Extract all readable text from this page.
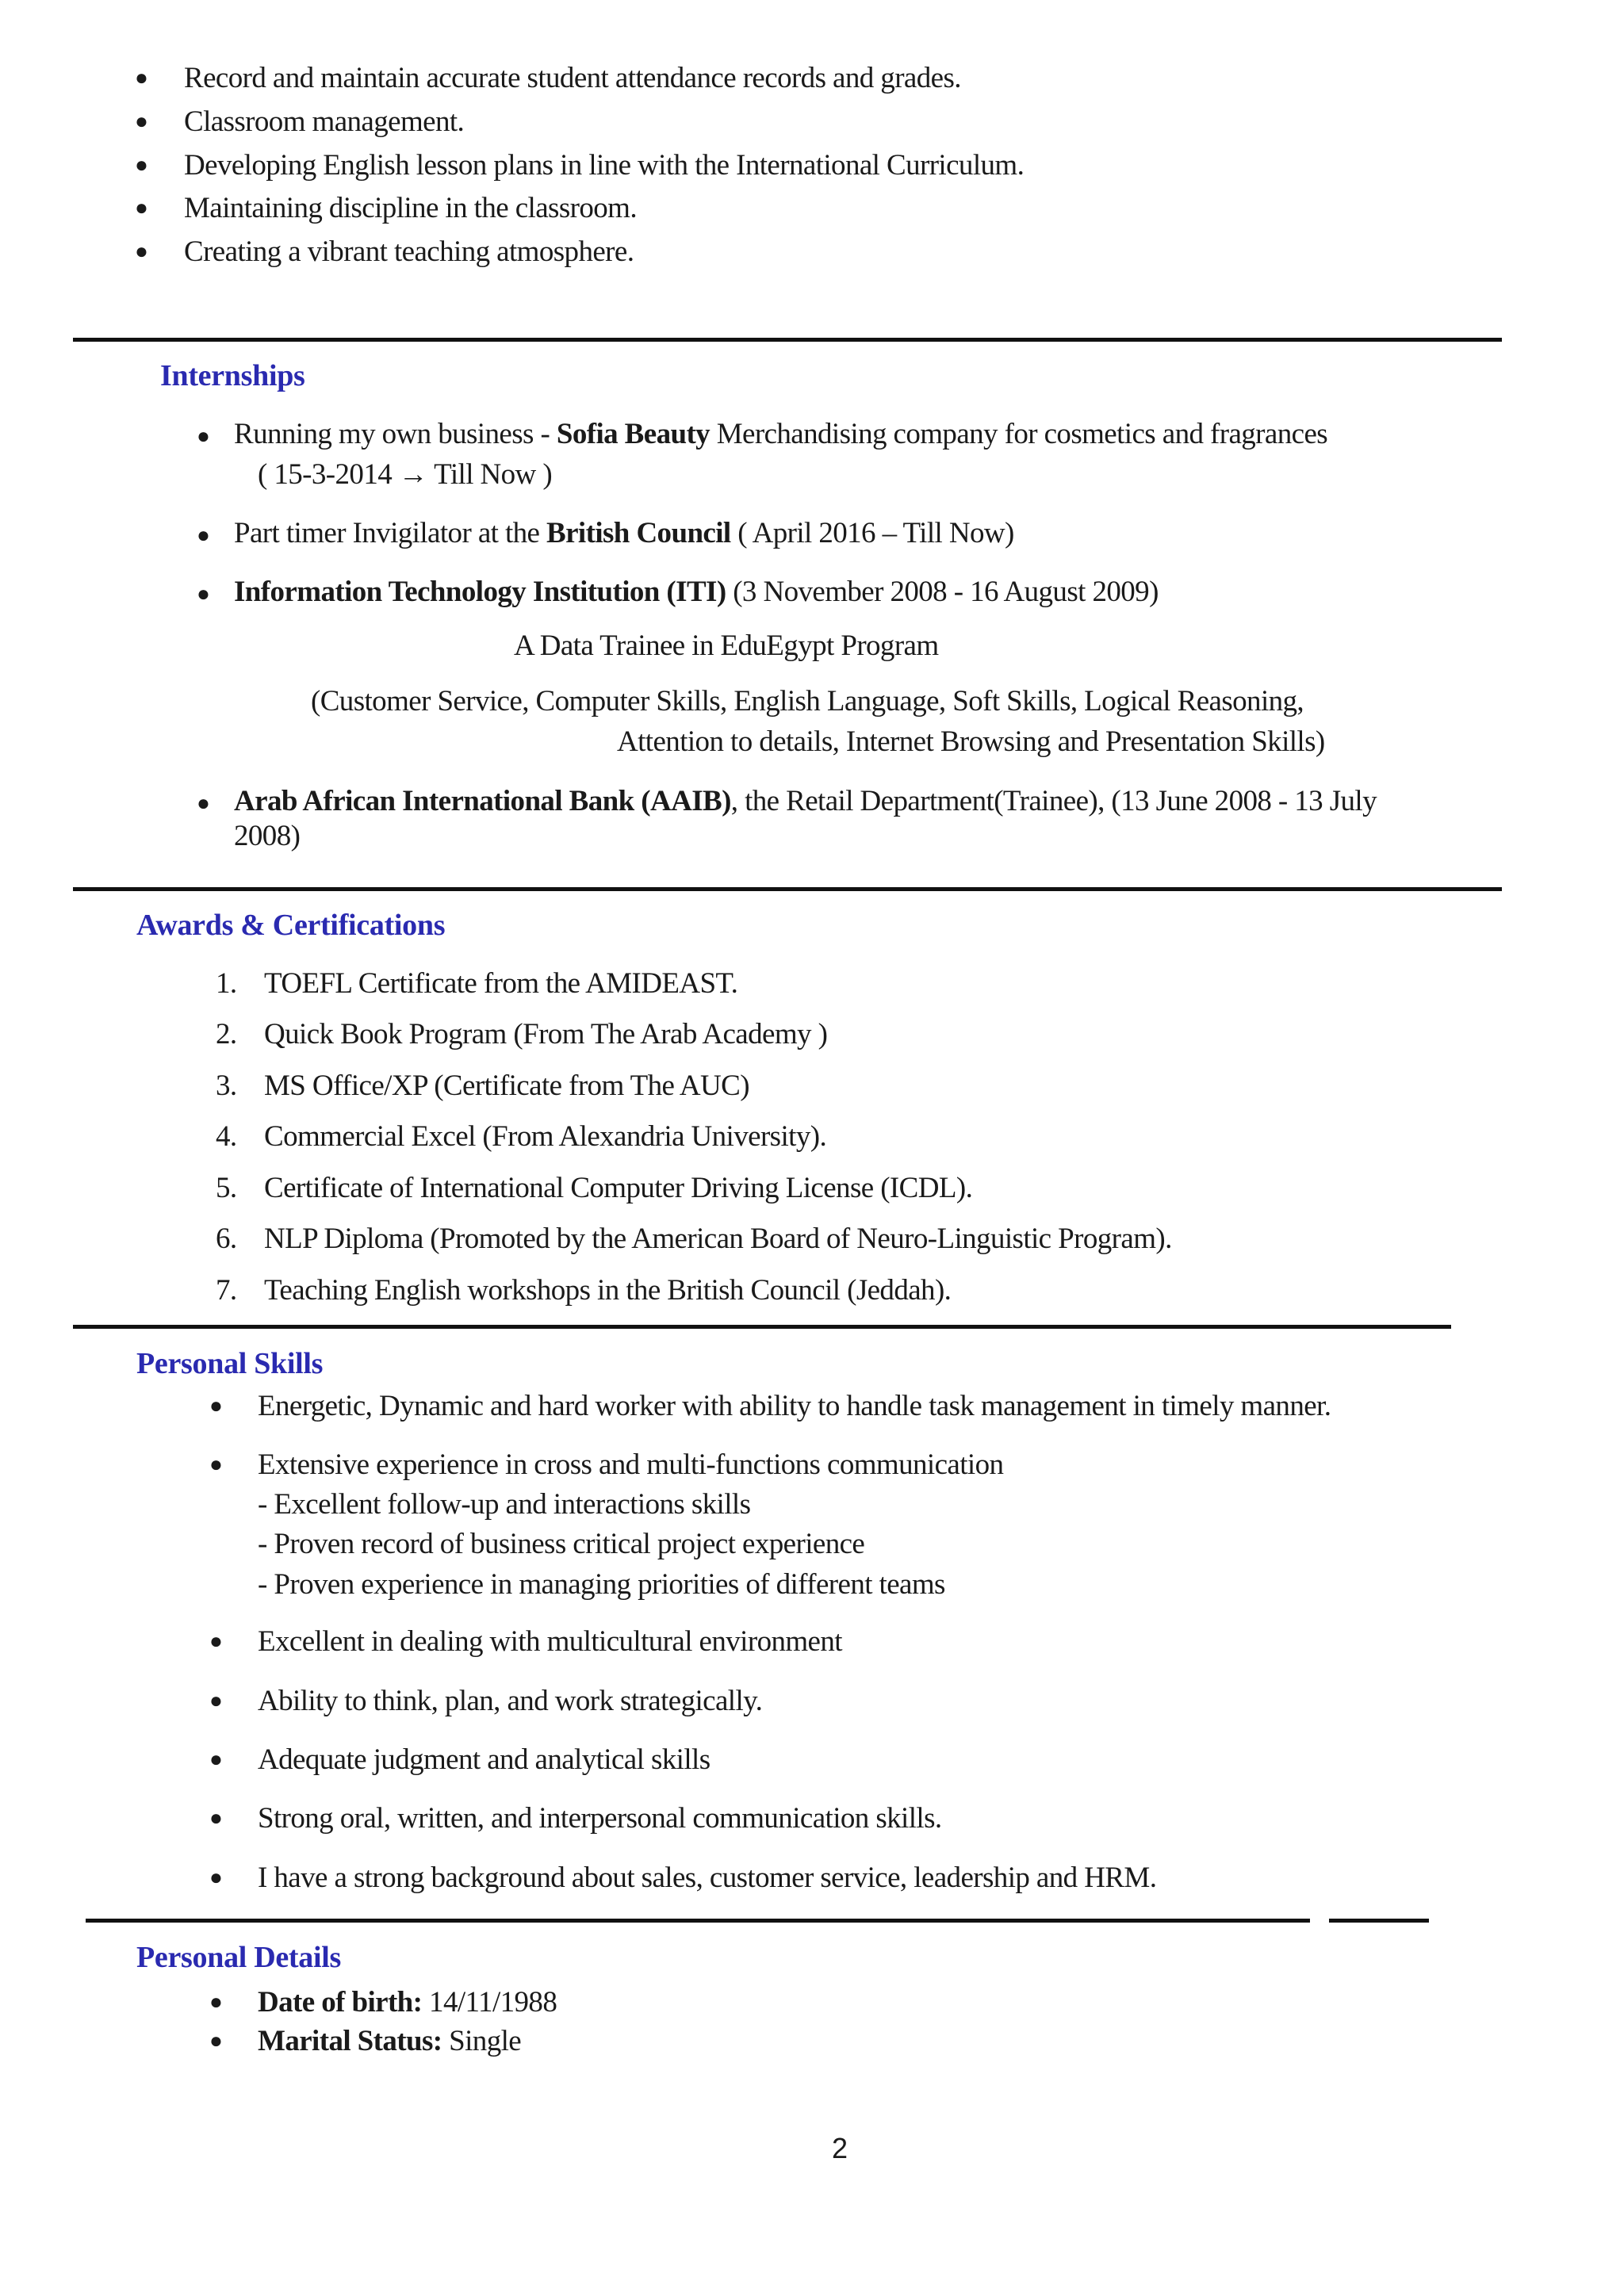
● Record and maintain accurate student attendance records and grades.
● Classroom management.
● Developing English lesson plans in line with the International Curriculum.
● Maintaining discipline in the classroom.
● Creating a vibrant teaching atmosphere.
Internships
● Running my own business - Sofia Beauty Merchandising company for cosmetics and fragrances
( 15-3-2014 → Till Now )
● Part timer Invigilator at the British Council ( April 2016 – Till Now)
● Information Technology Institution (ITI) (3 November 2008 - 16 August 2009)
A Data Trainee in EduEgypt Program
(Customer Service, Computer Skills, English Language, Soft Skills, Logical Reasoning,
Attention to details, Internet Browsing and Presentation Skills)
● Arab African International Bank (AAIB), the Retail Department(Trainee), (13 June 2008 - 13 July
2008)
Awards & Certifications
1. TOEFL Certificate from the AMIDEAST.
2. Quick Book Program (From The Arab Academy )
3. MS Office/XP (Certificate from The AUC)
4. Commercial Excel (From Alexandria University).
5. Certificate of International Computer Driving License (ICDL).
6. NLP Diploma (Promoted by the American Board of Neuro-Linguistic Program).
7. Teaching English workshops in the British Council (Jeddah).
Personal Skills
● Energetic, Dynamic and hard worker with ability to handle task management in timely manner.
● Extensive experience in cross and multi-functions communication
- Excellent follow-up and interactions skills
- Proven record of business critical project experience
- Proven experience in managing priorities of different teams
● Excellent in dealing with multicultural environment
● Ability to think, plan, and work strategically.
● Adequate judgment and analytical skills
● Strong oral, written, and interpersonal communication skills.
● I have a strong background about sales, customer service, leadership and HRM.
Personal Details
● Date of birth: 14/11/1988
● Marital Status: Single
2
